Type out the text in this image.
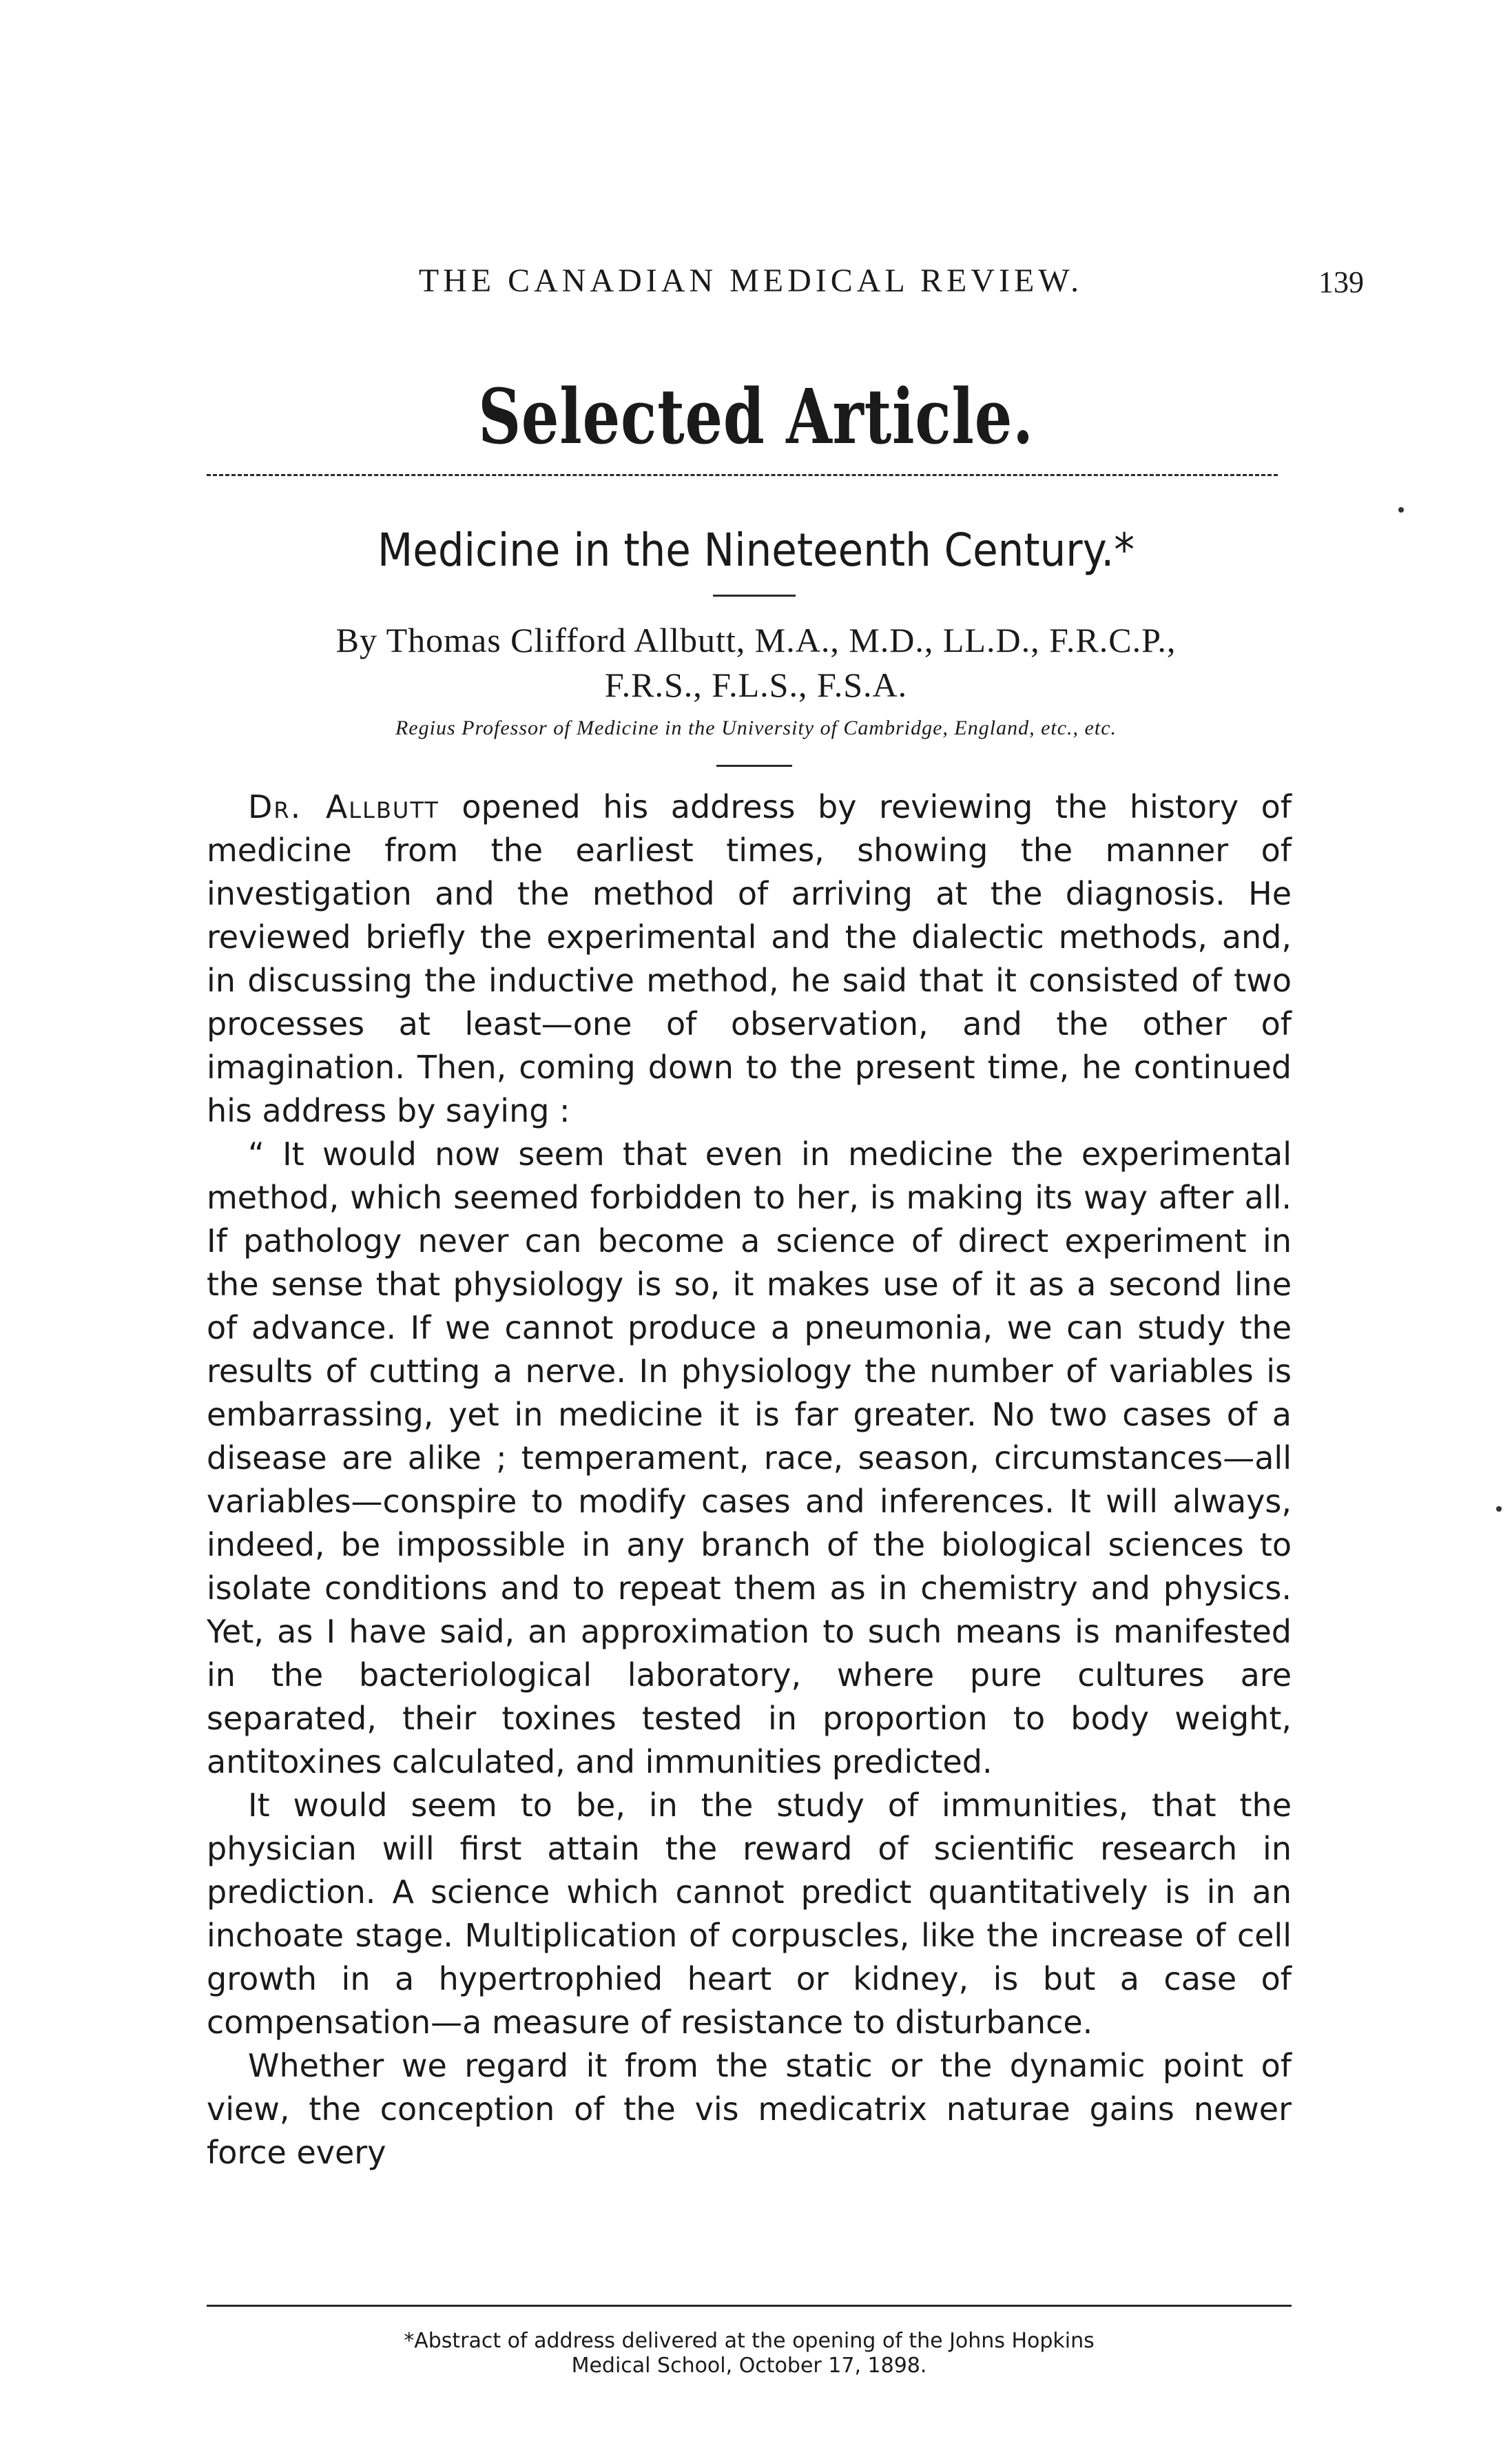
THE CANADIAN MEDICAL REVIEW.	139
Selected Article.
Medicine in the Nineteenth Century.*
By Thomas Clifford Allbutt, M.A., M.D., LL.D., F.R.C.P.,
F.R.S., F.L.S., F.S.A.
Regius Professor of Medicine in the University of Cambridge, England, etc., etc.

Dr. Allbutt opened his address by reviewing the history of medicine from the earliest times, showing the manner of investigation and the method of arriving at the diagnosis. He reviewed briefly the experimental and the dialectic methods, and, in discussing the inductive method, he said that it consisted of two processes at least—one of observation, and the other of imagination. Then, coming down to the present time, he continued his address by saying :

“ It would now seem that even in medicine the experimental method, which seemed forbidden to her, is making its way after all. If pathology never can become a science of direct experiment in the sense that physiology is so, it makes use of it as a second line of advance. If we cannot produce a pneumonia, we can study the results of cutting a nerve. In physiology the number of variables is embarrassing, yet in medicine it is far greater. No two cases of a disease are alike ; temperament, race, season, circumstances—all variables—conspire to modify cases and inferences. It will always, indeed, be impossible in any branch of the biological sciences to isolate conditions and to repeat them as in chemistry and physics. Yet, as I have said, an approximation to such means is manifested in the bacteriological laboratory, where pure cultures are separated, their toxines tested in proportion to body weight, antitoxines calculated, and immunities predicted.

It would seem to be, in the study of immunities, that the physician will first attain the reward of scientific research in prediction. A science which cannot predict quantitatively is in an inchoate stage. Multiplication of corpuscles, like the increase of cell growth in a hypertrophied heart or kidney, is but a case of compensation—a measure of resistance to disturbance.

Whether we regard it from the static or the dynamic point of view, the conception of the vis medicatrix naturae gains newer force every

*Abstract of address delivered at the opening of the Johns Hopkins
Medical School, October 17, 1898.
